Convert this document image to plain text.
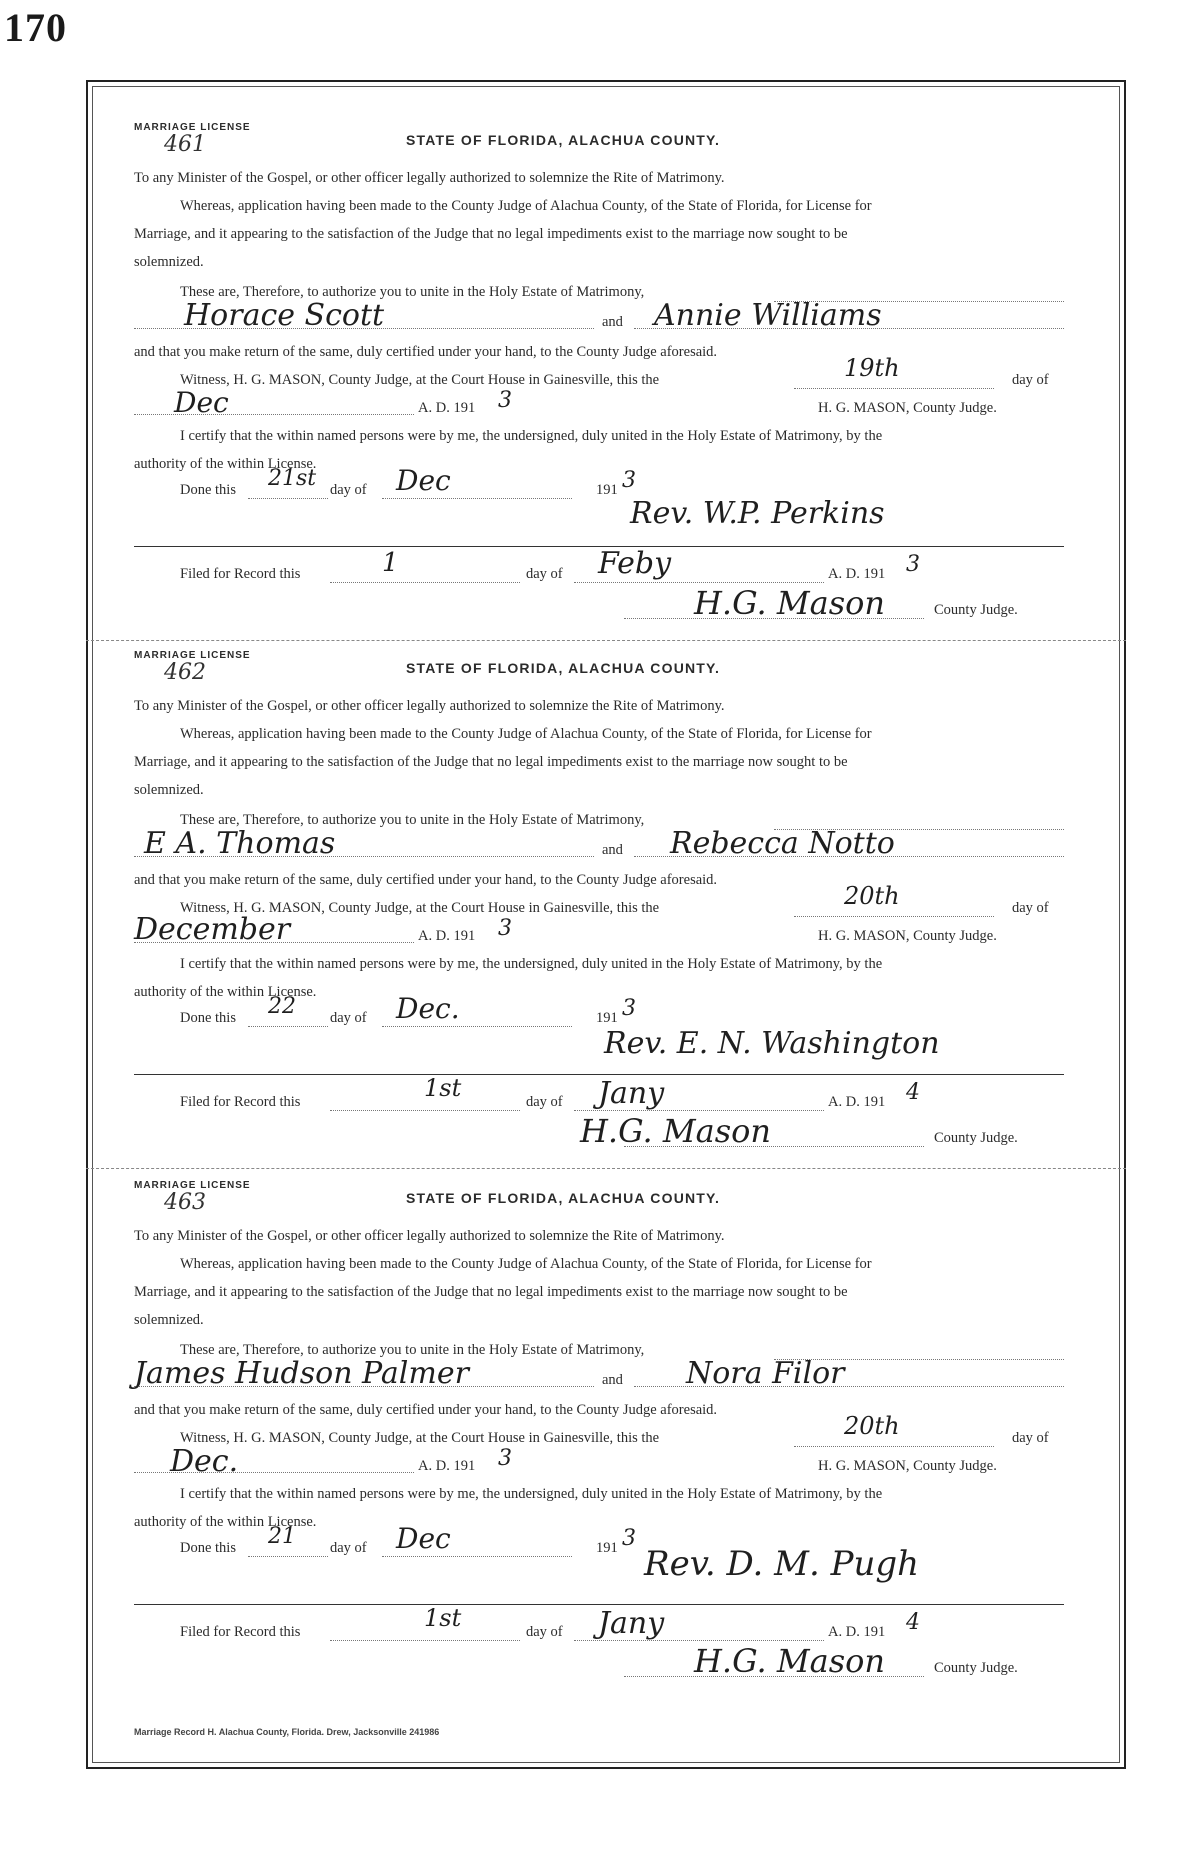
170
MARRIAGE LICENSE
461	STATE OF FLORIDA, ALACHUA COUNTY.
To any Minister of the Gospel, or other officer legally authorized to solemnize the Rite of Matrimony.
Whereas, application having been made to the County Judge of Alachua County, of the State of Florida, for License for
Marriage, and it appearing to the satisfaction of the Judge that no legal impediments exist to the marriage now sought to be
solemnized.
These are, Therefore, to authorize you to unite in the Holy Estate of Matrimony,
Horace Scott	and Annie Williams
and that you make return of the same, duly certified under your hand, to the County Judge aforesaid.
Witness, H. G. MASON, County Judge, at the Court House in Gainesville, this the	19th	day of
Dec	A. D. 191 3	H. G. MASON, County Judge.
I certify that the within named persons were by me, the undersigned, duly united in the Holy Estate of Matrimony, by the
authority of the within License.
Done this 21st day of Dec	191 3
Rev. W.P. Perkins
Filed for Record this	1	day of Feby	A. D. 191 3
H.G. Mason	County Judge.
MARRIAGE LICENSE
462	STATE OF FLORIDA, ALACHUA COUNTY.
To any Minister of the Gospel, or other officer legally authorized to solemnize the Rite of Matrimony.
Whereas, application having been made to the County Judge of Alachua County, of the State of Florida, for License for
Marriage, and it appearing to the satisfaction of the Judge that no legal impediments exist to the marriage now sought to be
solemnized.
These are, Therefore, to authorize you to unite in the Holy Estate of Matrimony,
E A. Thomas	and Rebecca Notto
and that you make return of the same, duly certified under your hand, to the County Judge aforesaid.
Witness, H. G. MASON, County Judge, at the Court House in Gainesville, this the	20th	day of
December	A. D. 191 3	H. G. MASON, County Judge.
I certify that the within named persons were by me, the undersigned, duly united in the Holy Estate of Matrimony, by the
authority of the within License.
Done this 22 day of Dec.	191 3
Rev. E. N. Washington
Filed for Record this	1st	day of Jany	A. D. 191 4
H.G. Mason	County Judge.
MARRIAGE LICENSE
463	STATE OF FLORIDA, ALACHUA COUNTY.
To any Minister of the Gospel, or other officer legally authorized to solemnize the Rite of Matrimony.
Whereas, application having been made to the County Judge of Alachua County, of the State of Florida, for License for
Marriage, and it appearing to the satisfaction of the Judge that no legal impediments exist to the marriage now sought to be
solemnized.
These are, Therefore, to authorize you to unite in the Holy Estate of Matrimony,
James Hudson Palmer	and Nora Filor
and that you make return of the same, duly certified under your hand, to the County Judge aforesaid.
Witness, H. G. MASON, County Judge, at the Court House in Gainesville, this the	20th	day of
Dec.	A. D. 191 3	H. G. MASON, County Judge.
I certify that the within named persons were by me, the undersigned, duly united in the Holy Estate of Matrimony, by the
authority of the within License.
Done this 21 day of Dec	191 3
Rev. D. M. Pugh
Filed for Record this	1st	day of Jany	A. D. 191 4
H.G. Mason	County Judge.
Marriage Record H. Alachua County, Florida. Drew, Jacksonville 241986
